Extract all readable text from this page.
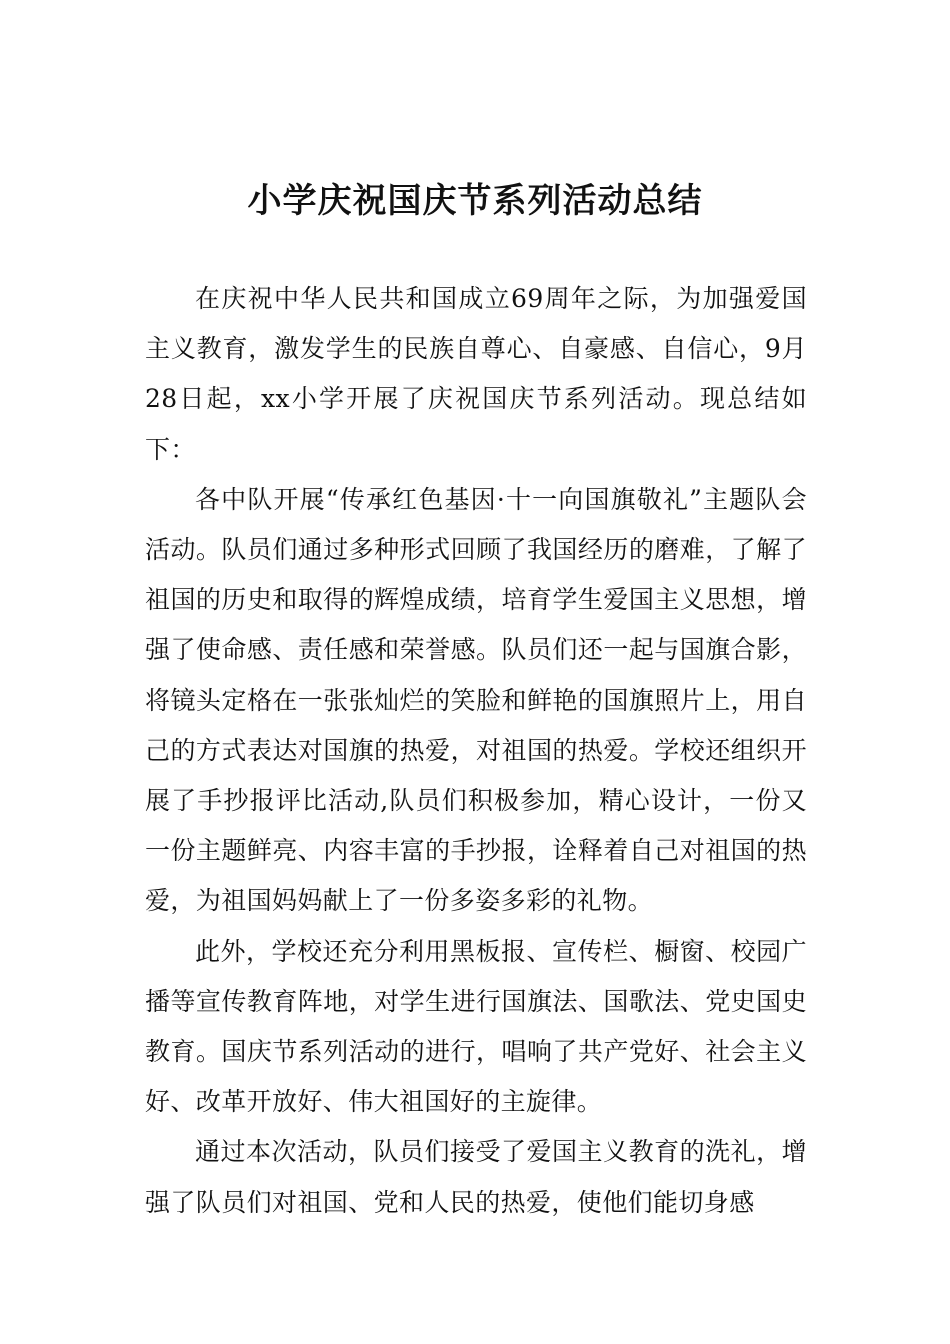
小学庆祝国庆节系列活动总结

在庆祝中华人民共和国成立69周年之际，为加强爱国主义教育，激发学生的民族自尊心、自豪感、自信心，9月28日起，xx小学开展了庆祝国庆节系列活动。现总结如下：

各中队开展“传承红色基因·十一向国旗敬礼”主题队会活动。队员们通过多种形式回顾了我国经历的磨难，了解了祖国的历史和取得的辉煌成绩，培育学生爱国主义思想，增强了使命感、责任感和荣誉感。队员们还一起与国旗合影，将镜头定格在一张张灿烂的笑脸和鲜艳的国旗照片上，用自己的方式表达对国旗的热爱，对祖国的热爱。学校还组织开展了手抄报评比活动,队员们积极参加，精心设计，一份又一份主题鲜亮、内容丰富的手抄报，诠释着自己对祖国的热爱，为祖国妈妈献上了一份多姿多彩的礼物。

此外，学校还充分利用黑板报、宣传栏、橱窗、校园广播等宣传教育阵地，对学生进行国旗法、国歌法、党史国史教育。国庆节系列活动的进行，唱响了共产党好、社会主义好、改革开放好、伟大祖国好的主旋律。

通过本次活动，队员们接受了爱国主义教育的洗礼，增强了队员们对祖国、党和人民的热爱，使他们能切身感
